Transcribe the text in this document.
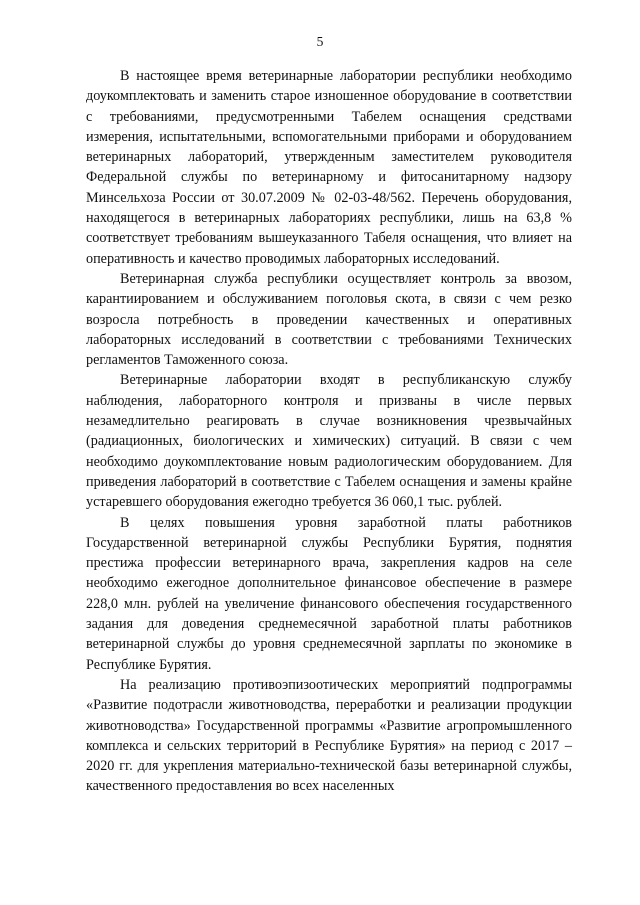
5

В настоящее время ветеринарные лаборатории республики необходимо доукомплектовать и заменить старое изношенное оборудование в соответствии с требованиями, предусмотренными Табелем оснащения средствами измерения, испытательными, вспомогательными приборами и оборудованием ветеринарных лабораторий, утвержденным заместителем руководителя Федеральной службы по ветеринарному и фитосанитарному надзору Минсельхоза России от 30.07.2009 № 02-03-48/562. Перечень оборудования, находящегося в ветеринарных лабораториях республики, лишь на 63,8 % соответствует требованиям вышеуказанного Табеля оснащения, что влияет на оперативность и качество проводимых лабораторных исследований.

Ветеринарная служба республики осуществляет контроль за ввозом, карантиированием и обслуживанием поголовья скота, в связи с чем резко возросла потребность в проведении качественных и оперативных лабораторных исследований в соответствии с требованиями Технических регламентов Таможенного союза.

Ветеринарные лаборатории входят в республиканскую службу наблюдения, лабораторного контроля и призваны в числе первых незамедлительно реагировать в случае возникновения чрезвычайных (радиационных, биологических и химических) ситуаций. В связи с чем необходимо доукомплектование новым радиологическим оборудованием. Для приведения лабораторий в соответствие с Табелем оснащения и замены крайне устаревшего оборудования ежегодно требуется 36 060,1 тыс. рублей.

В целях повышения уровня заработной платы работников Государственной ветеринарной службы Республики Бурятия, поднятия престижа профессии ветеринарного врача, закрепления кадров на селе необходимо ежегодное дополнительное финансовое обеспечение в размере 228,0 млн. рублей на увеличение финансового обеспечения государственного задания для доведения среднемесячной заработной платы работников ветеринарной службы до уровня среднемесячной зарплаты по экономике в Республике Бурятия.

На реализацию противоэпизоотических мероприятий подпрограммы «Развитие подотрасли животноводства, переработки и реализации продукции животноводства» Государственной программы «Развитие агропромышленного комплекса и сельских территорий в Республике Бурятия» на период с 2017 – 2020 гг. для укрепления материально-технической базы ветеринарной службы, качественного предоставления во всех населенных
